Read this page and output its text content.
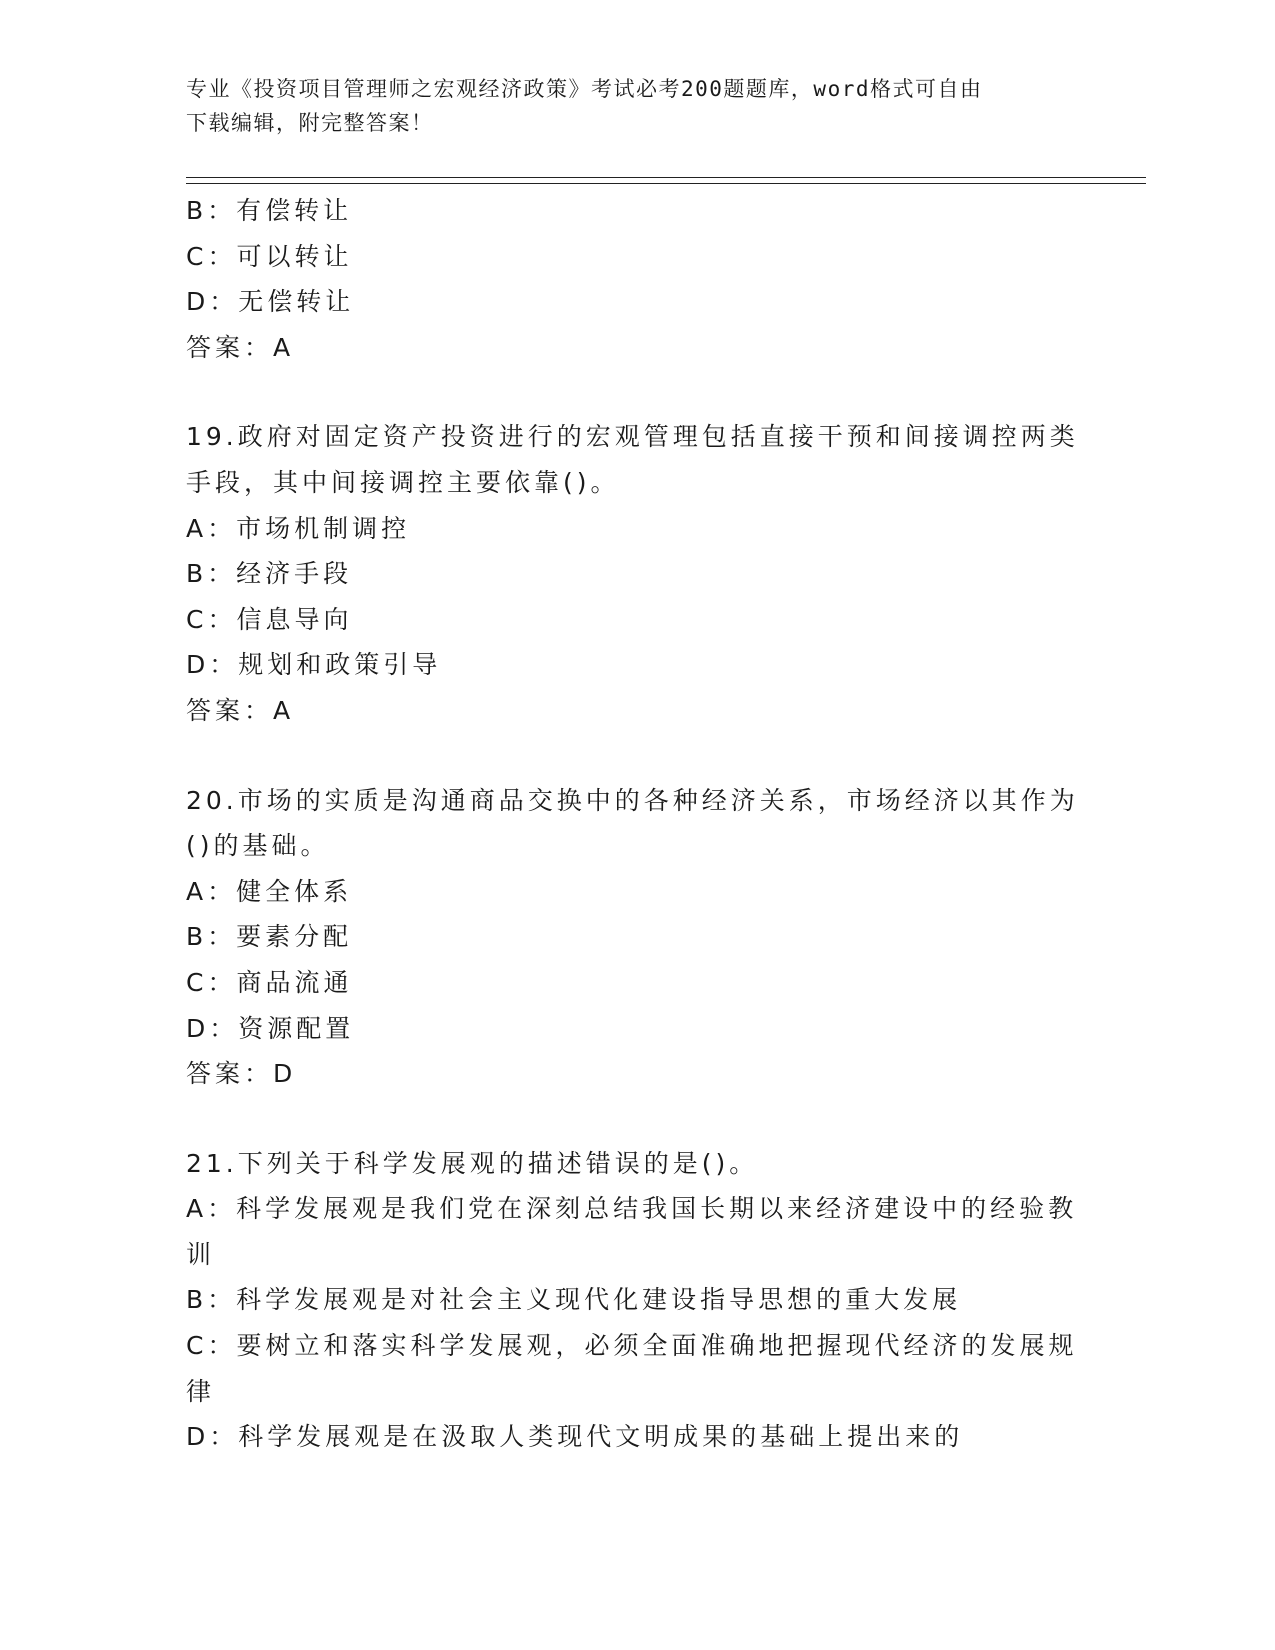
专业《投资项目管理师之宏观经济政策》考试必考200题题库，word格式可自由
下载编辑，附完整答案！
B：有偿转让
C：可以转让
D：无偿转让
答案：A
19.政府对固定资产投资进行的宏观管理包括直接干预和间接调控两类
手段，其中间接调控主要依靠()。
A：市场机制调控
B：经济手段
C：信息导向
D：规划和政策引导
答案：A
20.市场的实质是沟通商品交换中的各种经济关系，市场经济以其作为
()的基础。
A：健全体系
B：要素分配
C：商品流通
D：资源配置
答案：D
21.下列关于科学发展观的描述错误的是()。
A：科学发展观是我们党在深刻总结我国长期以来经济建设中的经验教
训
B：科学发展观是对社会主义现代化建设指导思想的重大发展
C：要树立和落实科学发展观，必须全面准确地把握现代经济的发展规
律
D：科学发展观是在汲取人类现代文明成果的基础上提出来的
